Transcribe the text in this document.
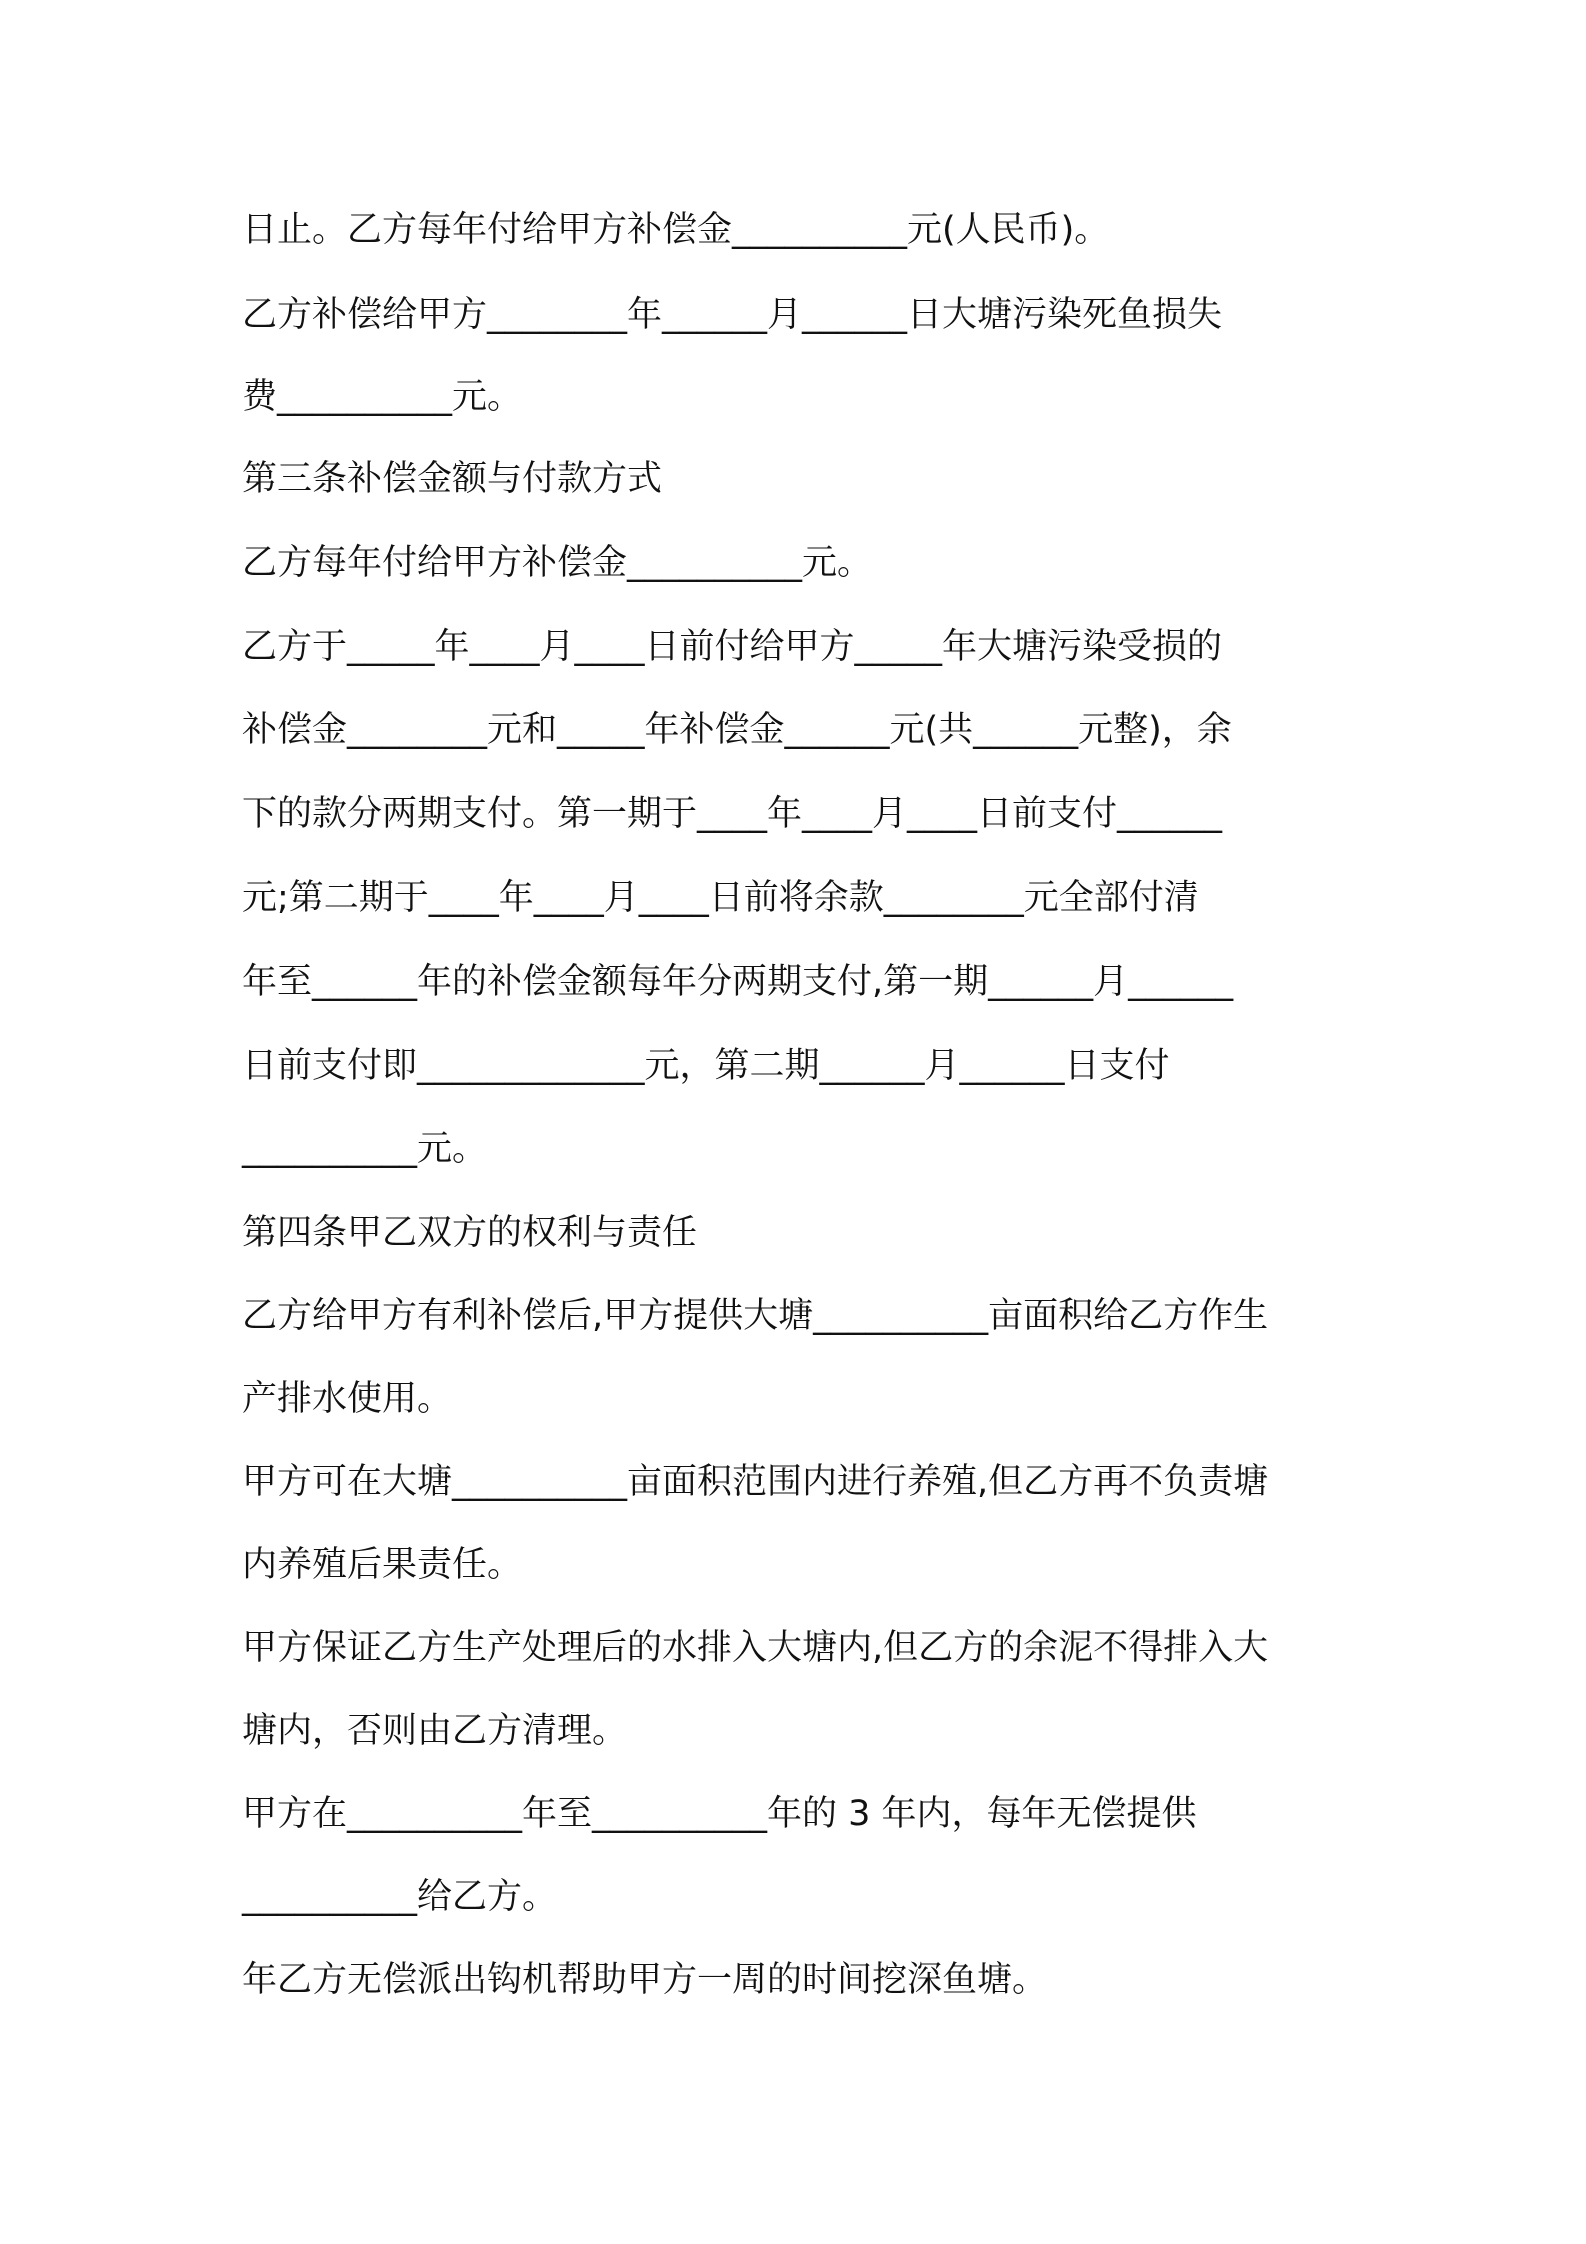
日止。乙方每年付给甲方补偿金__________元(人民币)。
乙方补偿给甲方________年______月______日大塘污染死鱼损失
费__________元。
第三条补偿金额与付款方式
乙方每年付给甲方补偿金__________元。
乙方于_____年____月____日前付给甲方_____年大塘污染受损的
补偿金________元和_____年补偿金______元(共______元整)，余
下的款分两期支付。第一期于____年____月____日前支付______
元;第二期于____年____月____日前将余款________元全部付清
年至______年的补偿金额每年分两期支付,第一期______月______
日前支付即_____________元，第二期______月______日支付
__________元。
第四条甲乙双方的权利与责任
乙方给甲方有利补偿后,甲方提供大塘__________亩面积给乙方作生
产排水使用。
甲方可在大塘__________亩面积范围内进行养殖,但乙方再不负责塘
内养殖后果责任。
甲方保证乙方生产处理后的水排入大塘内,但乙方的余泥不得排入大
塘内，否则由乙方清理。
甲方在__________年至__________年的 3 年内，每年无偿提供
__________给乙方。
年乙方无偿派出钩机帮助甲方一周的时间挖深鱼塘。
